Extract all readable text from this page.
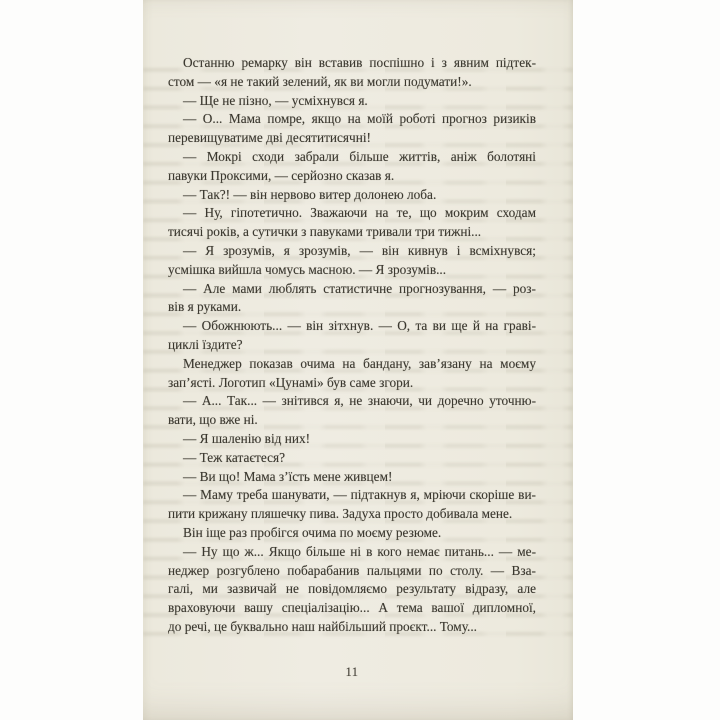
Останню ремарку він вставив поспішно і з явним підтек-
стом — «я не такий зелений, як ви могли подумати!».
— Ще не пізно, — усміхнувся я.
— О... Мама помре, якщо на моїй роботі прогноз ризиків
перевищуватиме дві десятитисячні!
— Мокрі сходи забрали більше життів, аніж болотяні
павуки Проксими, — серйозно сказав я.
— Так?! — він нервово витер долонею лоба.
— Ну, гіпотетично. Зважаючи на те, що мокрим сходам
тисячі років, а сутички з павуками тривали три тижні...
— Я зрозумів, я зрозумів, — він кивнув і всміхнувся;
усмішка вийшла чомусь масною. — Я зрозумів...
— Але мами люблять статистичне прогнозування, — роз-
вів я руками.
— Обожнюють... — він зітхнув. — О, та ви ще й на граві-
циклі їздите?
Менеджер показав очима на бандану, зав’язану на моєму
зап’ясті. Логотип «Цунамі» був саме згори.
— А... Так... — знітився я, не знаючи, чи доречно уточню-
вати, що вже ні.
— Я шаленію від них!
— Теж катаєтеся?
— Ви що! Мама з’їсть мене живцем!
— Маму треба шанувати, — підтакнув я, мріючи скоріше ви-
пити крижану пляшечку пива. Задуха просто добивала мене.
Він іще раз пробігся очима по моєму резюме.
— Ну що ж... Якщо більше ні в кого немає питань... — ме-
неджер розгублено побарабанив пальцями по столу. — Вза-
галі, ми зазвичай не повідомляємо результату відразу, але
враховуючи вашу спеціалізацію... А тема вашої дипломної,
до речі, це буквально наш найбільший проєкт... Тому...
11
